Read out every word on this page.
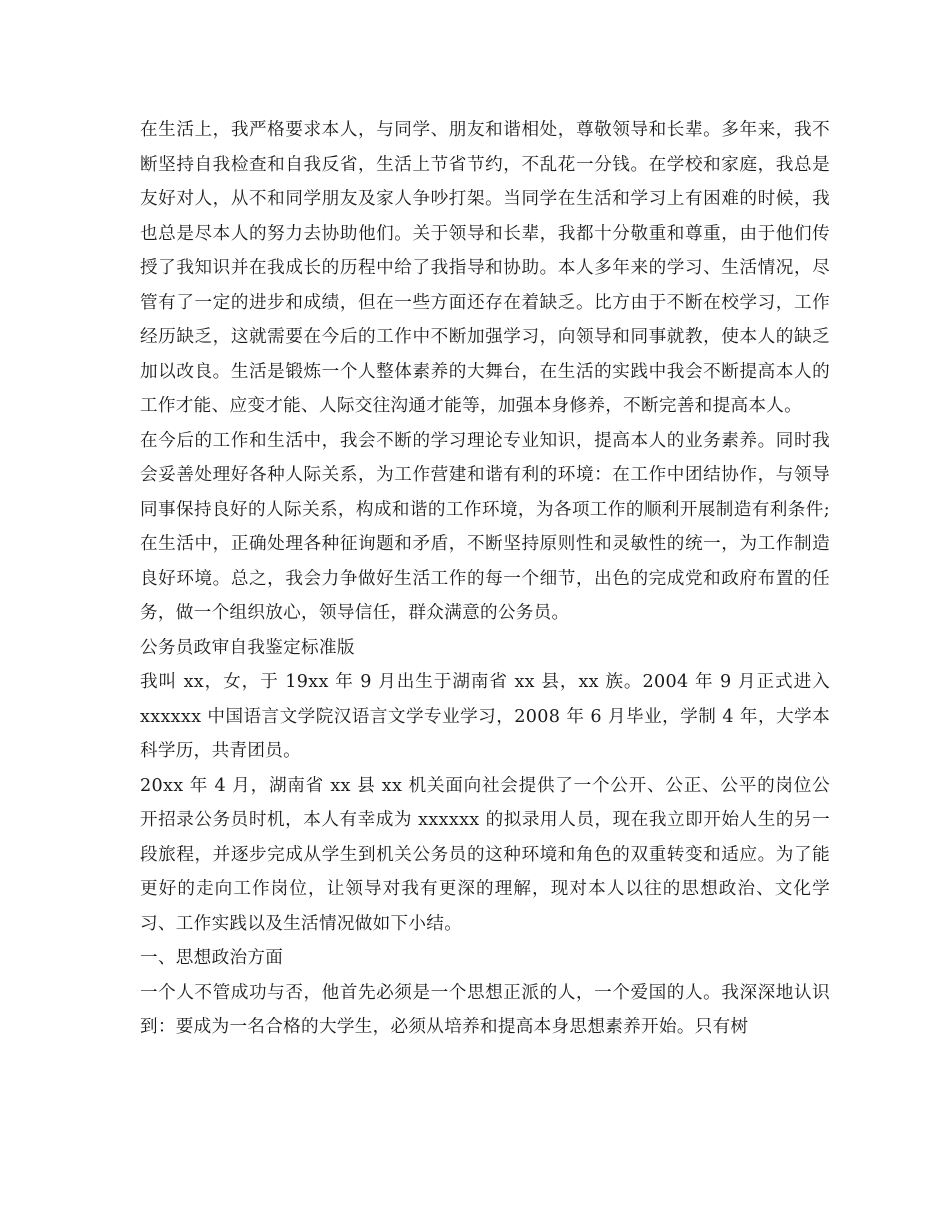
在生活上，我严格要求本人，与同学、朋友和谐相处，尊敬领导和长辈。多年来，我不断坚持自我检查和自我反省，生活上节省节约，不乱花一分钱。在学校和家庭，我总是友好对人，从不和同学朋友及家人争吵打架。当同学在生活和学习上有困难的时候，我也总是尽本人的努力去协助他们。关于领导和长辈，我都十分敬重和尊重，由于他们传授了我知识并在我成长的历程中给了我指导和协助。本人多年来的学习、生活情况，尽管有了一定的进步和成绩，但在一些方面还存在着缺乏。比方由于不断在校学习，工作经历缺乏，这就需要在今后的工作中不断加强学习，向领导和同事就教，使本人的缺乏加以改良。生活是锻炼一个人整体素养的大舞台，在生活的实践中我会不断提高本人的工作才能、应变才能、人际交往沟通才能等，加强本身修养，不断完善和提高本人。

在今后的工作和生活中，我会不断的学习理论专业知识，提高本人的业务素养。同时我会妥善处理好各种人际关系，为工作营建和谐有利的环境：在工作中团结协作，与领导同事保持良好的人际关系，构成和谐的工作环境，为各项工作的顺利开展制造有利条件;在生活中，正确处理各种征询题和矛盾，不断坚持原则性和灵敏性的统一，为工作制造良好环境。总之，我会力争做好生活工作的每一个细节，出色的完成党和政府布置的任务，做一个组织放心，领导信任，群众满意的公务员。

公务员政审自我鉴定标准版

我叫 xx，女，于 19xx 年 9 月出生于湖南省 xx 县，xx 族。2004 年 9 月正式进入 xxxxxx 中国语言文学院汉语言文学专业学习，2008 年 6 月毕业，学制 4 年，大学本科学历，共青团员。

20xx 年 4 月，湖南省 xx 县 xx 机关面向社会提供了一个公开、公正、公平的岗位公开招录公务员时机，本人有幸成为 xxxxxx 的拟录用人员，现在我立即开始人生的另一段旅程，并逐步完成从学生到机关公务员的这种环境和角色的双重转变和适应。为了能更好的走向工作岗位，让领导对我有更深的理解，现对本人以往的思想政治、文化学习、工作实践以及生活情况做如下小结。

一、思想政治方面

一个人不管成功与否，他首先必须是一个思想正派的人，一个爱国的人。我深深地认识到：要成为一名合格的大学生，必须从培养和提高本身思想素养开始。只有树
